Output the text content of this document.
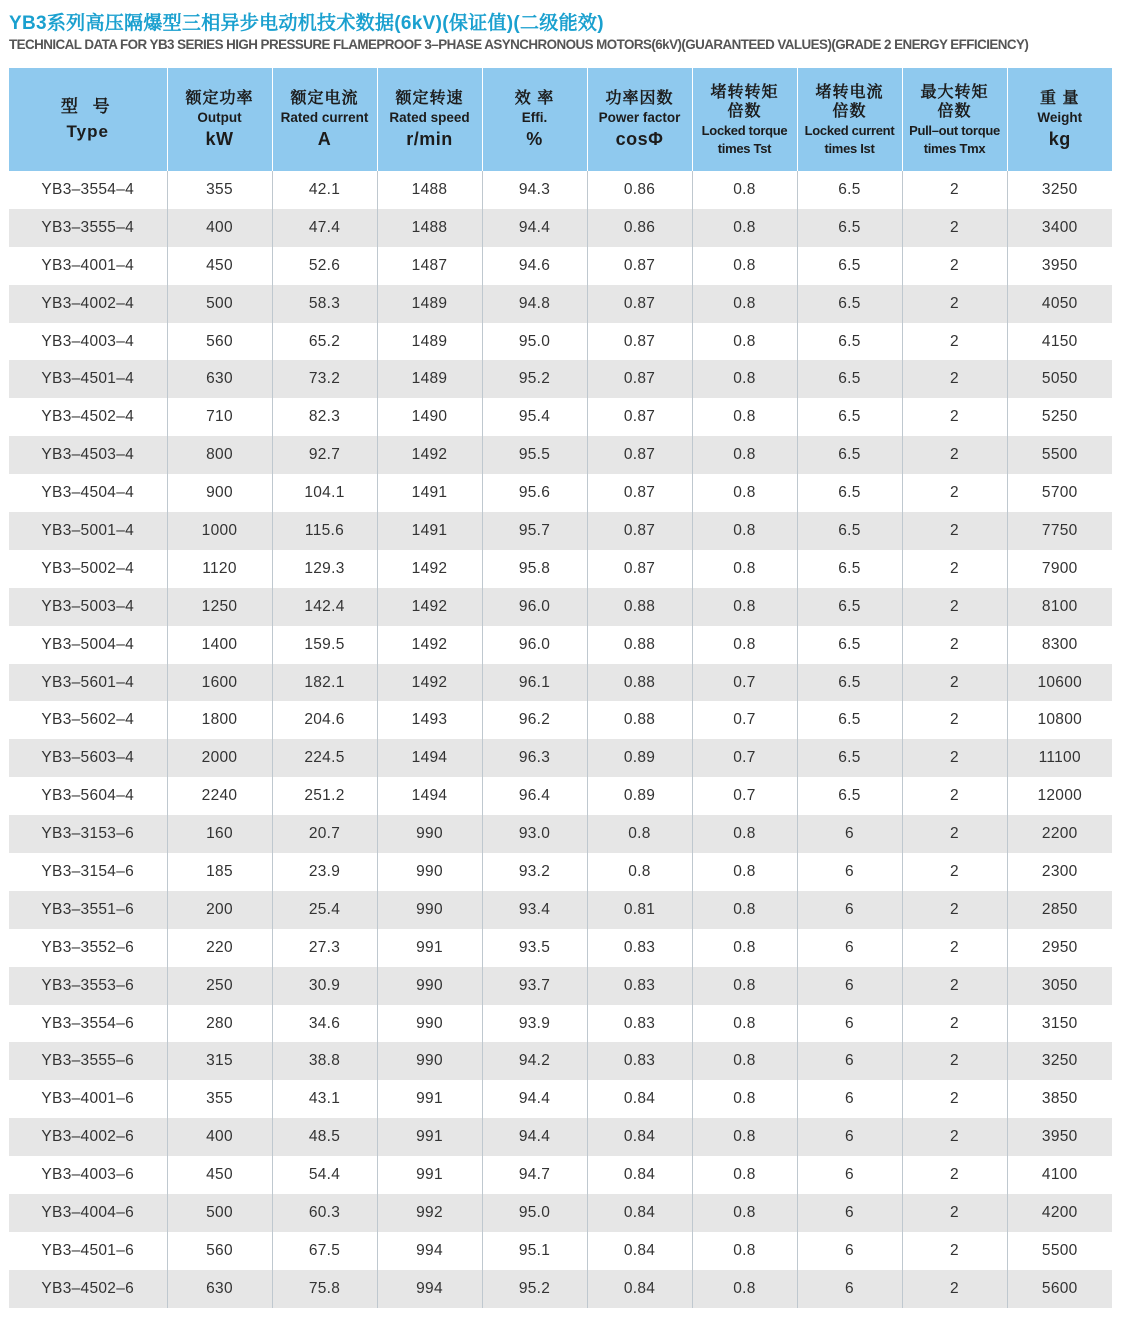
YB3系列高压隔爆型三相异步电动机技术数据(6kV)(保证值)(二级能效)
TECHNICAL DATA FOR YB3 SERIES HIGH PRESSURE FLAMEPROOF 3–PHASE ASYNCHRONOUS MOTORS(6kV)(GUARANTEED VALUES)(GRADE 2 ENERGY EFFICIENCY)
型 号
Type	额定功率
Output
kW	额定电流
Rated current
A	额定转速
Rated speed
r/min	效 率
Effi.
%	功率因数
Power factor
cosΦ	堵转转矩
倍数
Locked torque
times Tst	堵转电流
倍数
Locked current
times Ist	最大转矩
倍数
Pull–out torque
times Tmx	重 量
Weight
kg

YB3–3554–4	355	42.1	1488	94.3	0.86	0.8	6.5	2	3250
YB3–3555–4	400	47.4	1488	94.4	0.86	0.8	6.5	2	3400
YB3–4001–4	450	52.6	1487	94.6	0.87	0.8	6.5	2	3950
YB3–4002–4	500	58.3	1489	94.8	0.87	0.8	6.5	2	4050
YB3–4003–4	560	65.2	1489	95.0	0.87	0.8	6.5	2	4150
YB3–4501–4	630	73.2	1489	95.2	0.87	0.8	6.5	2	5050
YB3–4502–4	710	82.3	1490	95.4	0.87	0.8	6.5	2	5250
YB3–4503–4	800	92.7	1492	95.5	0.87	0.8	6.5	2	5500
YB3–4504–4	900	104.1	1491	95.6	0.87	0.8	6.5	2	5700
YB3–5001–4	1000	115.6	1491	95.7	0.87	0.8	6.5	2	7750
YB3–5002–4	1120	129.3	1492	95.8	0.87	0.8	6.5	2	7900
YB3–5003–4	1250	142.4	1492	96.0	0.88	0.8	6.5	2	8100
YB3–5004–4	1400	159.5	1492	96.0	0.88	0.8	6.5	2	8300
YB3–5601–4	1600	182.1	1492	96.1	0.88	0.7	6.5	2	10600
YB3–5602–4	1800	204.6	1493	96.2	0.88	0.7	6.5	2	10800
YB3–5603–4	2000	224.5	1494	96.3	0.89	0.7	6.5	2	11100
YB3–5604–4	2240	251.2	1494	96.4	0.89	0.7	6.5	2	12000
YB3–3153–6	160	20.7	990	93.0	0.8	0.8	6	2	2200
YB3–3154–6	185	23.9	990	93.2	0.8	0.8	6	2	2300
YB3–3551–6	200	25.4	990	93.4	0.81	0.8	6	2	2850
YB3–3552–6	220	27.3	991	93.5	0.83	0.8	6	2	2950
YB3–3553–6	250	30.9	990	93.7	0.83	0.8	6	2	3050
YB3–3554–6	280	34.6	990	93.9	0.83	0.8	6	2	3150
YB3–3555–6	315	38.8	990	94.2	0.83	0.8	6	2	3250
YB3–4001–6	355	43.1	991	94.4	0.84	0.8	6	2	3850
YB3–4002–6	400	48.5	991	94.4	0.84	0.8	6	2	3950
YB3–4003–6	450	54.4	991	94.7	0.84	0.8	6	2	4100
YB3–4004–6	500	60.3	992	95.0	0.84	0.8	6	2	4200
YB3–4501–6	560	67.5	994	95.1	0.84	0.8	6	2	5500
YB3–4502–6	630	75.8	994	95.2	0.84	0.8	6	2	5600
